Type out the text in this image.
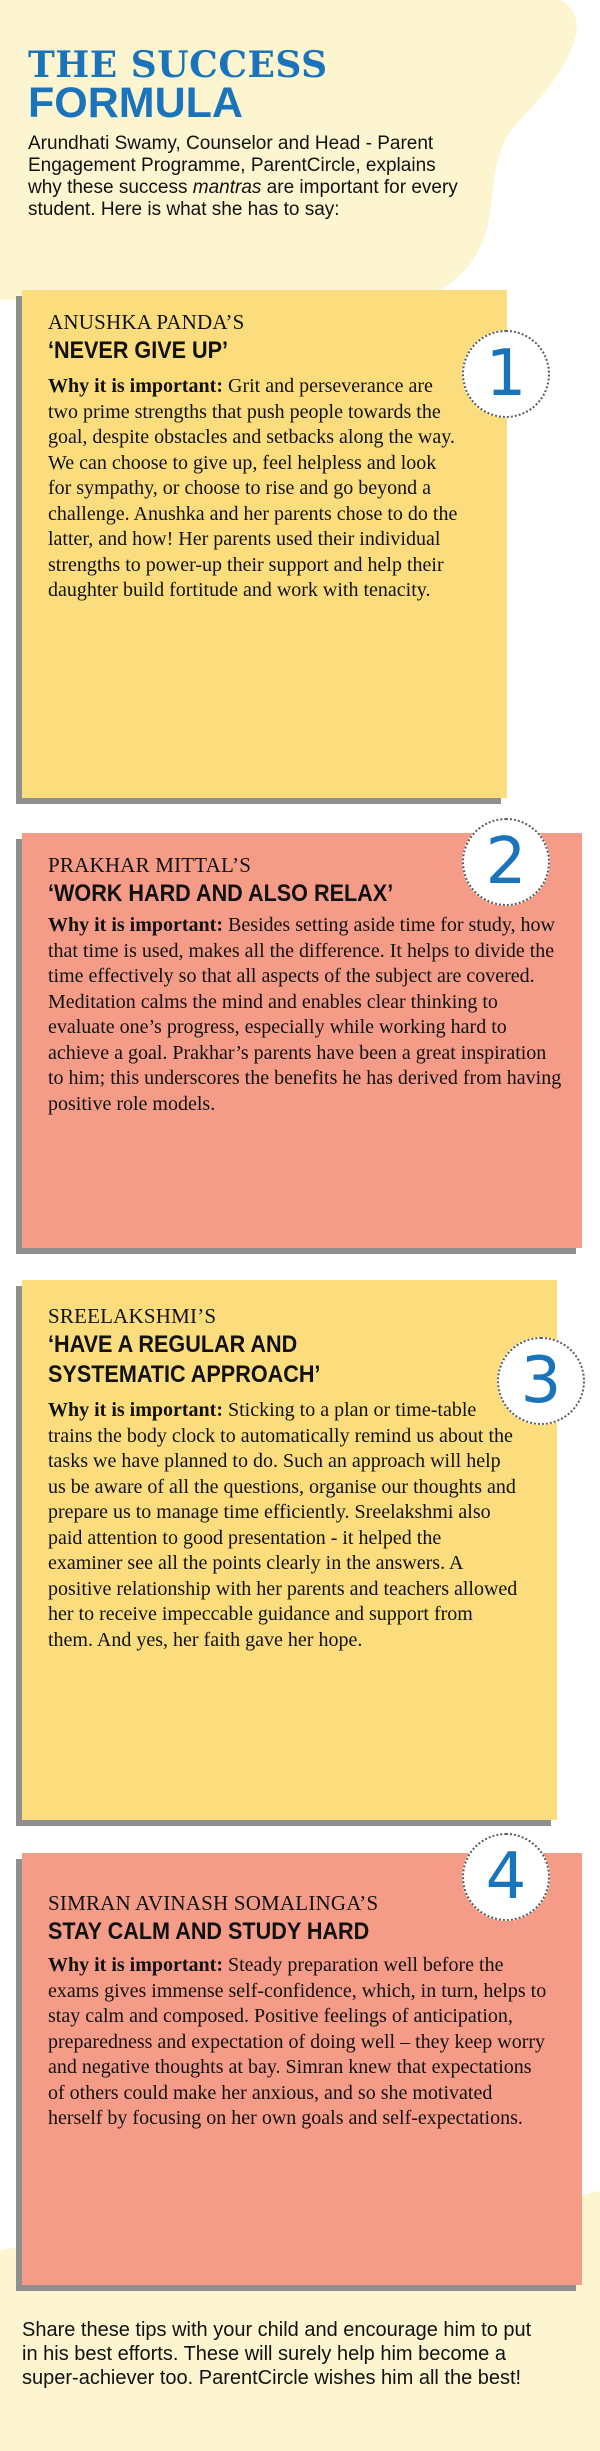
THE SUCCESS
FORMULA
Arundhati Swamy, Counselor and Head - Parent Engagement Programme, ParentCircle, explains why these success mantras are important for every student. Here is what she has to say:
ANUSHKA PANDA’S
‘NEVER GIVE UP’
Why it is important: Grit and perseverance are two prime strengths that push people towards the goal, despite obstacles and setbacks along the way. We can choose to give up, feel helpless and look for sympathy, or choose to rise and go beyond a challenge. Anushka and her parents chose to do the latter, and how! Her parents used their individual strengths to power-up their support and help their daughter build fortitude and work with tenacity.
1
PRAKHAR MITTAL’S
‘WORK HARD AND ALSO RELAX’
Why it is important: Besides setting aside time for study, how that time is used, makes all the difference. It helps to divide the time effectively so that all aspects of the subject are covered. Meditation calms the mind and enables clear thinking to evaluate one’s progress, especially while working hard to achieve a goal. Prakhar’s parents have been a great inspiration to him; this underscores the benefits he has derived from having positive role models.
2
SREELAKSHMI’S
‘HAVE A REGULAR AND SYSTEMATIC APPROACH’
Why it is important: Sticking to a plan or time-table trains the body clock to automatically remind us about the tasks we have planned to do. Such an approach will help us be aware of all the questions, organise our thoughts and prepare us to manage time efficiently. Sreelakshmi also paid attention to good presentation - it helped the examiner see all the points clearly in the answers. A positive relationship with her parents and teachers allowed her to receive impeccable guidance and support from them. And yes, her faith gave her hope.
3
SIMRAN AVINASH SOMALINGA’S
STAY CALM AND STUDY HARD
Why it is important: Steady preparation well before the exams gives immense self-confidence, which, in turn, helps to stay calm and composed. Positive feelings of anticipation, preparedness and expectation of doing well – they keep worry and negative thoughts at bay. Simran knew that expectations of others could make her anxious, and so she motivated herself by focusing on her own goals and self-expectations.
4
Share these tips with your child and encourage him to put in his best efforts. These will surely help him become a super-achiever too. ParentCircle wishes him all the best!
